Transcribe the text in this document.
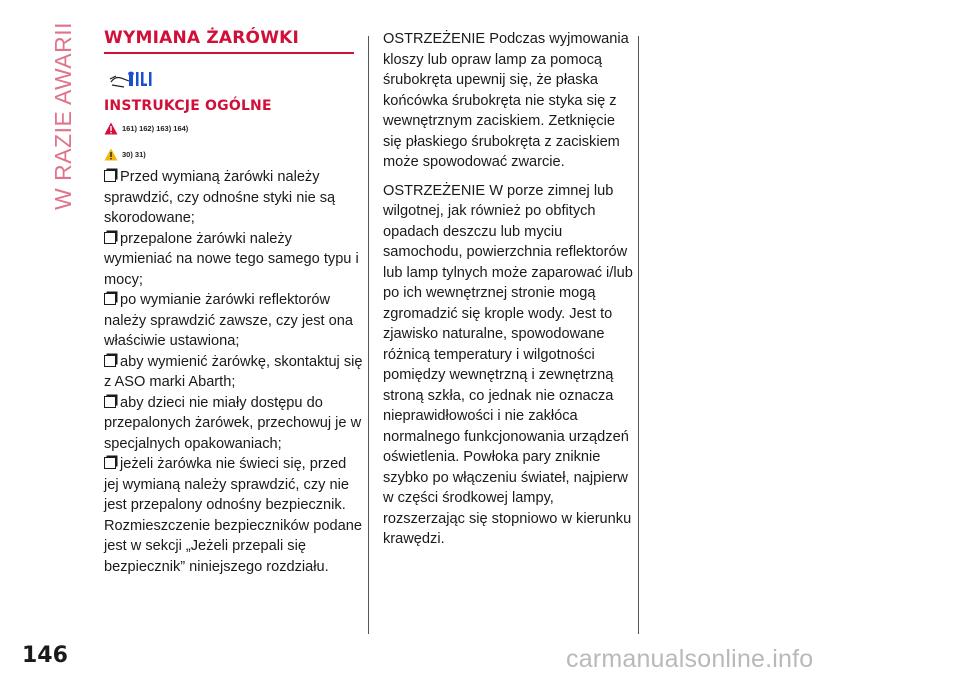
W RAZIE AWARII WYMIANA ŻARÓWKI
INSTRUKCJE OGÓLNE
161) 162) 163) 164)
30) 31)
Przed wymianą żarówki należy sprawdzić, czy odnośne styki nie są skorodowane;
przepalone żarówki należy wymieniać na nowe tego samego typu i mocy;
po wymianie żarówki reflektorów należy sprawdzić zawsze, czy jest ona właściwie ustawiona;
aby wymienić żarówkę, skontaktuj się z ASO marki Abarth;
aby dzieci nie miały dostępu do przepalonych żarówek, przechowuj je w specjalnych opakowaniach;
jeżeli żarówka nie świeci się, przed jej wymianą należy sprawdzić, czy nie jest przepalony odnośny bezpiecznik. Rozmieszczenie bezpieczników podane jest w sekcji „Jeżeli przepali się bezpiecznik” niniejszego rozdziału.

OSTRZEŻENIE Podczas wyjmowania kloszy lub opraw lamp za pomocą śrubokręta upewnij się, że płaska końcówka śrubokręta nie styka się z wewnętrznym zaciskiem. Zetknięcie się płaskiego śrubokręta z zaciskiem może spowodować zwarcie.

OSTRZEŻENIE W porze zimnej lub wilgotnej, jak również po obfitych opadach deszczu lub myciu samochodu, powierzchnia reflektorów lub lamp tylnych może zaparować i/lub po ich wewnętrznej stronie mogą zgromadzić się krople wody. Jest to zjawisko naturalne, spowodowane różnicą temperatury i wilgotności pomiędzy wewnętrzną i zewnętrzną stroną szkła, co jednak nie oznacza nieprawidłowości i nie zakłóca normalnego funkcjonowania urządzeń oświetlenia. Powłoka pary zniknie szybko po włączeniu świateł, najpierw w części środkowej lampy, rozszerzając się stopniowo w kierunku krawędzi.

146	carmanualsonline.info
